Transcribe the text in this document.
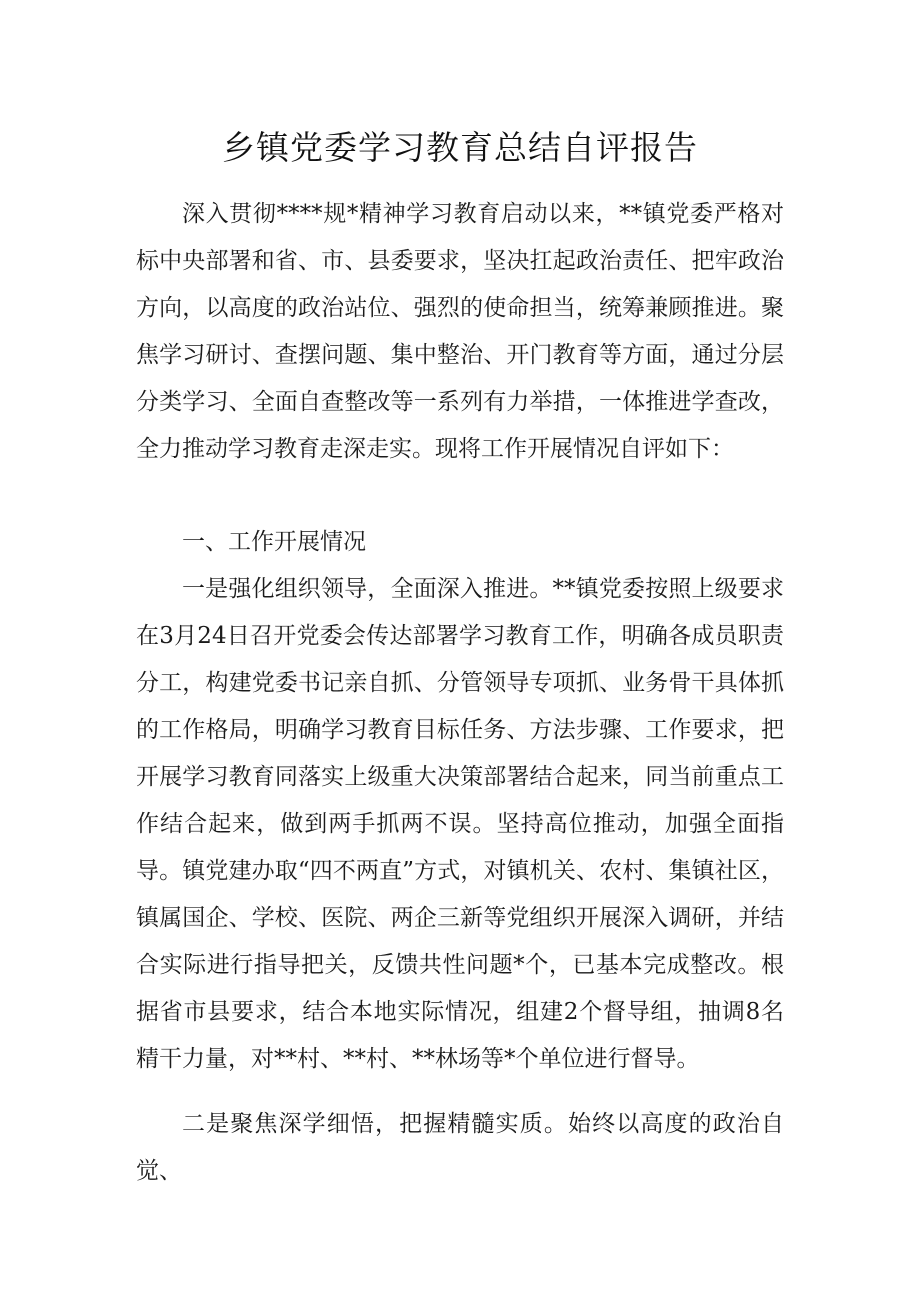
乡镇党委学习教育总结自评报告
深入贯彻****规*精神学习教育启动以来，**镇党委严格对标中央部署和省、市、县委要求，坚决扛起政治责任、把牢政治方向，以高度的政治站位、强烈的使命担当，统筹兼顾推进。聚焦学习研讨、查摆问题、集中整治、开门教育等方面，通过分层分类学习、全面自查整改等一系列有力举措，一体推进学查改，全力推动学习教育走深走实。现将工作开展情况自评如下：
一、工作开展情况
一是强化组织领导，全面深入推进。**镇党委按照上级要求在3月24日召开党委会传达部署学习教育工作，明确各成员职责分工，构建党委书记亲自抓、分管领导专项抓、业务骨干具体抓的工作格局，明确学习教育目标任务、方法步骤、工作要求，把开展学习教育同落实上级重大决策部署结合起来，同当前重点工作结合起来，做到两手抓两不误。坚持高位推动，加强全面指导。镇党建办取“四不两直”方式，对镇机关、农村、集镇社区，镇属国企、学校、医院、两企三新等党组织开展深入调研，并结合实际进行指导把关，反馈共性问题*个，已基本完成整改。根据省市县要求，结合本地实际情况，组建2个督导组，抽调8名精干力量，对**村、**村、**林场等*个单位进行督导。
二是聚焦深学细悟，把握精髓实质。始终以高度的政治自觉、
